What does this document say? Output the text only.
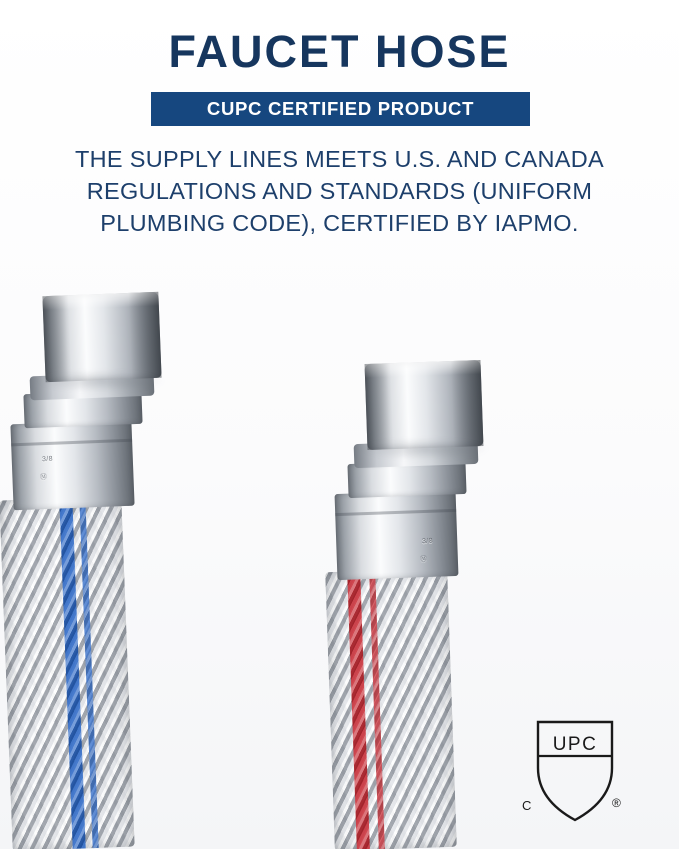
FAUCET HOSE
CUPC CERTIFIED PRODUCT
THE SUPPLY LINES MEETS U.S. AND CANADA
REGULATIONS AND STANDARDS (UNIFORM
PLUMBING CODE), CERTIFIED BY IAPMO.
3/8
Ⓜ
3/8
Ⓜ
UPC
C	®
